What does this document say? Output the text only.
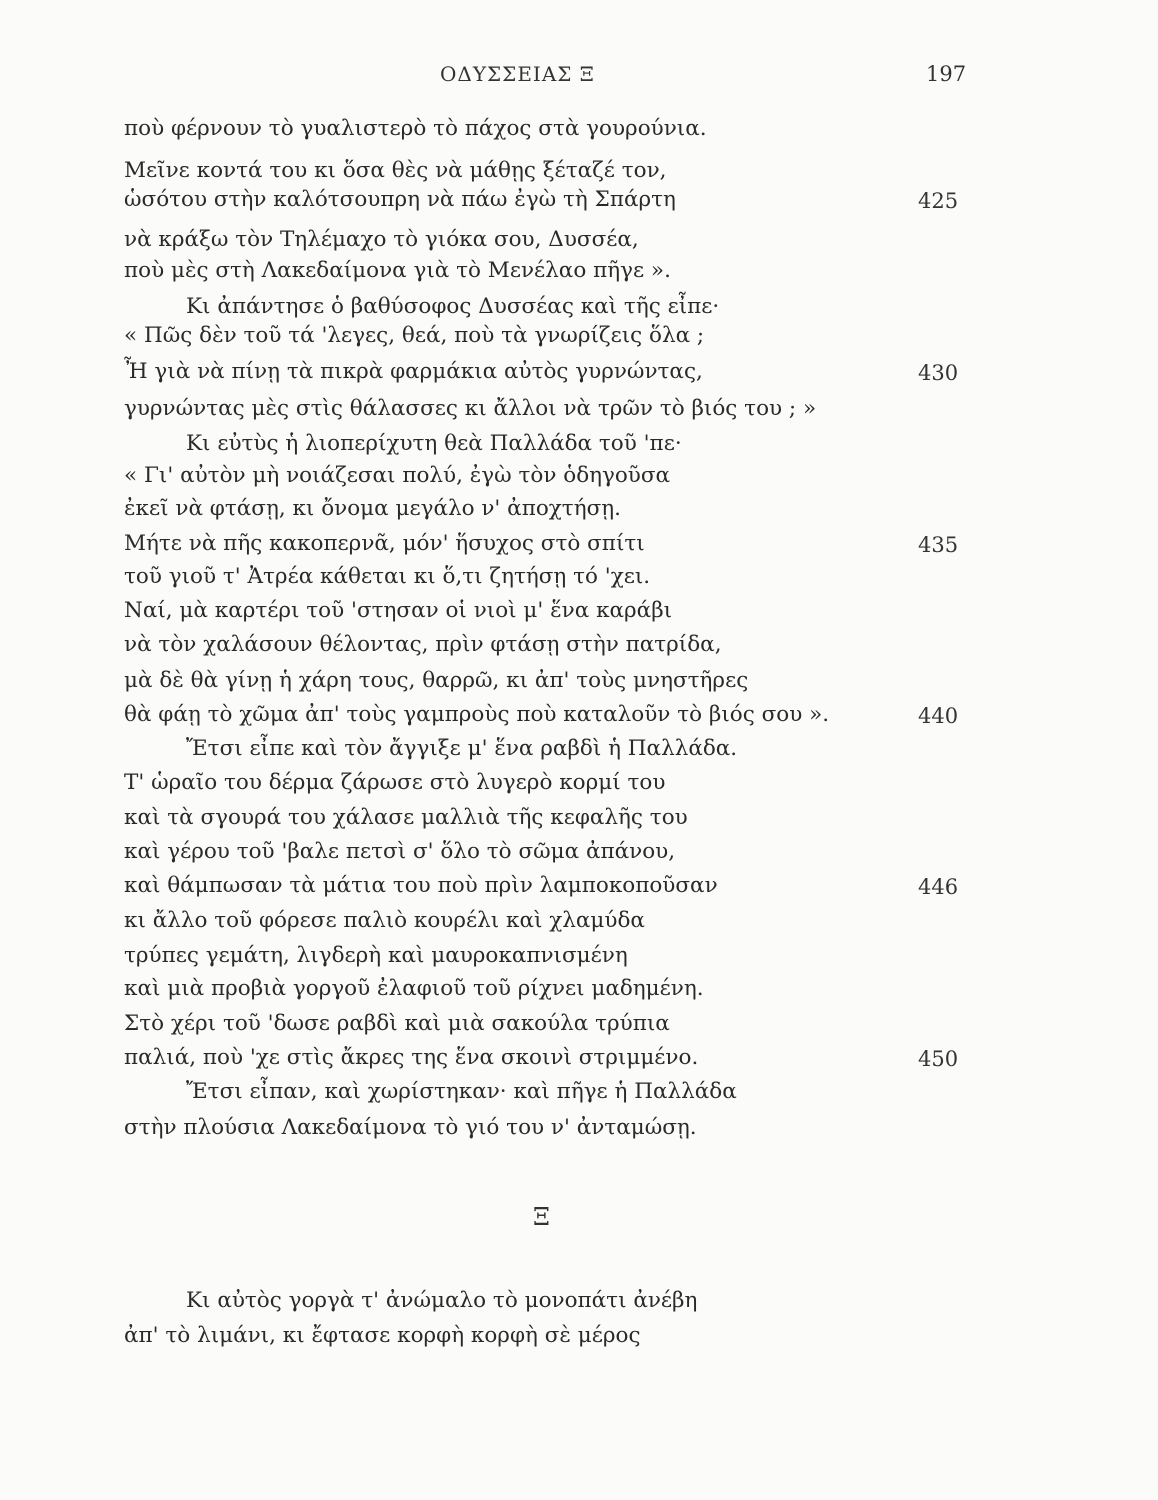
ΟΔΥΣΣΕΙΑΣ Ξ	197
ποὺ φέρνουν τὸ γυαλιστερὸ τὸ πάχος στὰ γουρούνια.
Μεῖνε κοντά του κι ὅσα θὲς νὰ μάθῃς ξέταζέ τον,
ὡσότου στὴν καλότσουπρη νὰ πάω ἐγὼ τὴ Σπάρτη
νὰ κράξω τὸν Τηλέμαχο τὸ γιόκα σου, Δυσσέα,
ποὺ μὲς στὴ Λακεδαίμονα γιὰ τὸ Μενέλαο πῆγε ».
Κι ἀπάντησε ὁ βαθύσοφος Δυσσέας καὶ τῆς εἶπε·
« Πῶς δὲν τοῦ τά 'λεγες, θεά, ποὺ τὰ γνωρίζεις ὅλα ;
Ἦ γιὰ νὰ πίνῃ τὰ πικρὰ φαρμάκια αὐτὸς γυρνώντας,
γυρνώντας μὲς στὶς θάλασσες κι ἄλλοι νὰ τρῶν τὸ βιός του ; »
Κι εὐτὺς ἡ λιοπερίχυτη θεὰ Παλλάδα τοῦ 'πε·
« Γι' αὐτὸν μὴ νοιάζεσαι πολύ, ἐγὼ τὸν ὁδηγοῦσα
ἐκεῖ νὰ φτάσῃ, κι ὄνομα μεγάλο ν' ἀποχτήσῃ.
Μήτε νὰ πῆς κακοπερνᾶ, μόν' ἥσυχος στὸ σπίτι
τοῦ γιοῦ τ' Ἀτρέα κάθεται κι ὅ,τι ζητήσῃ τό 'χει.
Ναί, μὰ καρτέρι τοῦ 'στησαν οἱ νιοὶ μ' ἕνα καράβι
νὰ τὸν χαλάσουν θέλοντας, πρὶν φτάσῃ στὴν πατρίδα,
μὰ δὲ θὰ γίνῃ ἡ χάρη τους, θαρρῶ, κι ἀπ' τοὺς μνηστῆρες
θὰ φάῃ τὸ χῶμα ἀπ' τοὺς γαμπροὺς ποὺ καταλοῦν τὸ βιός σου ».
Ἔτσι εἶπε καὶ τὸν ἄγγιξε μ' ἕνα ραβδὶ ἡ Παλλάδα.
Τ' ὡραῖο του δέρμα ζάρωσε στὸ λυγερὸ κορμί του
καὶ τὰ σγουρά του χάλασε μαλλιὰ τῆς κεφαλῆς του
καὶ γέρου τοῦ 'βαλε πετσὶ σ' ὅλο τὸ σῶμα ἀπάνου,
καὶ θάμπωσαν τὰ μάτια του ποὺ πρὶν λαμποκοποῦσαν
κι ἄλλο τοῦ φόρεσε παλιὸ κουρέλι καὶ χλαμύδα
τρύπες γεμάτη, λιγδερὴ καὶ μαυροκαπνισμένη
καὶ μιὰ προβιὰ γοργοῦ ἐλαφιοῦ τοῦ ρίχνει μαδημένη.
Στὸ χέρι τοῦ 'δωσε ραβδὶ καὶ μιὰ σακούλα τρύπια
παλιά, ποὺ 'χε στὶς ἄκρες της ἕνα σκοινὶ στριμμένο.
Ἔτσι εἶπαν, καὶ χωρίστηκαν· καὶ πῆγε ἡ Παλλάδα
στὴν πλούσια Λακεδαίμονα τὸ γιό του ν' ἀνταμώσῃ.
425
430
435
440
446
450
Ξ
Κι αὐτὸς γοργὰ τ' ἀνώμαλο τὸ μονοπάτι ἀνέβη
ἀπ' τὸ λιμάνι, κι ἔφτασε κορφὴ κορφὴ σὲ μέρος
